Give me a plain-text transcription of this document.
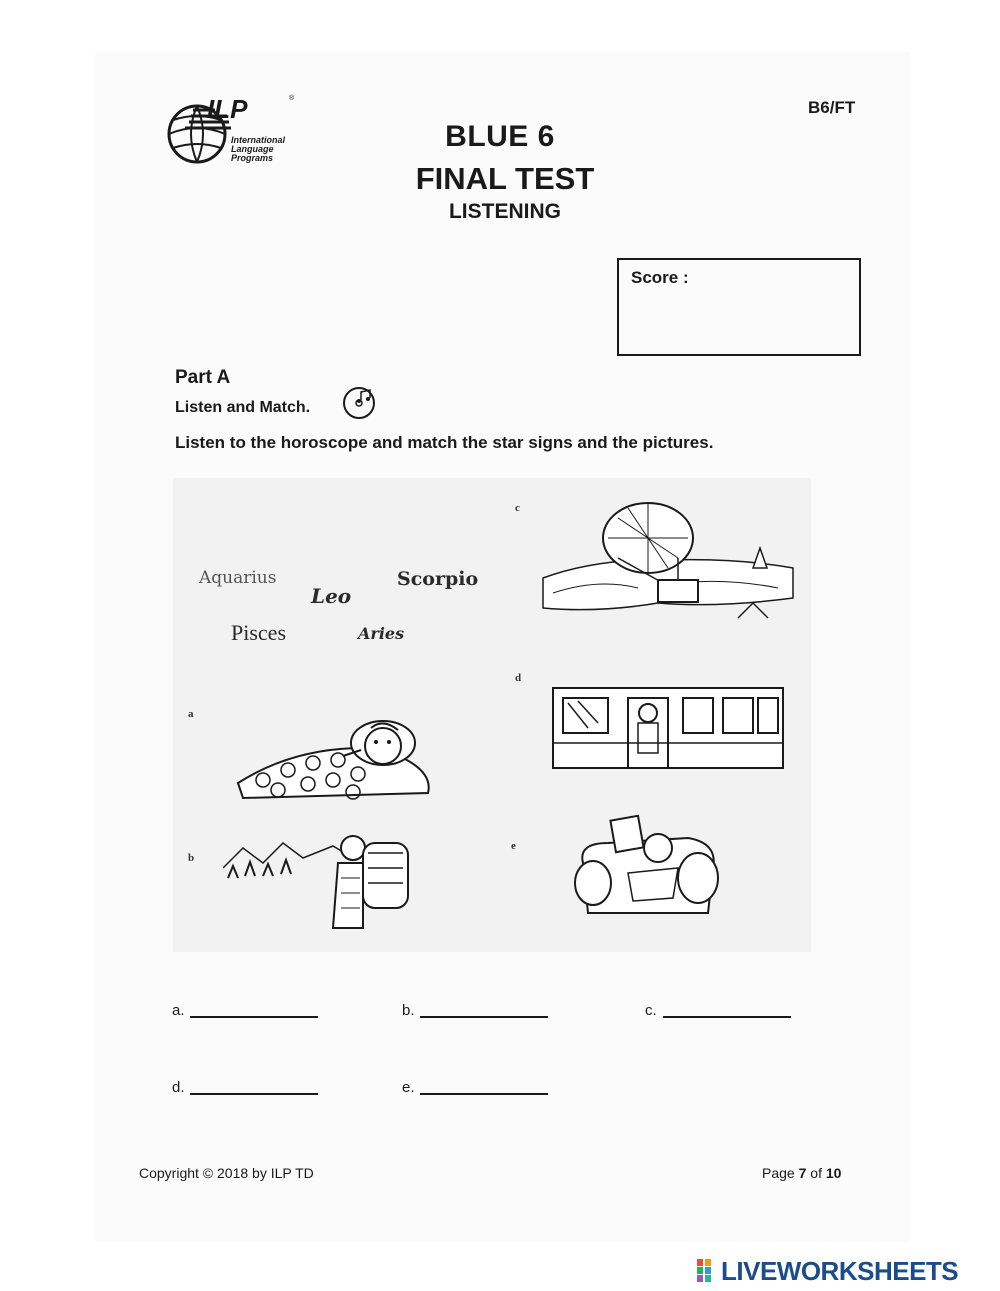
ILP	®
International
Language
Programs
B6/FT
BLUE 6
FINAL TEST
LISTENING
Score :
Part A
Listen and Match.
Listen to the horoscope and match the star signs and the pictures.
Aquarius
Leo
Scorpio
Pisces	Aries
a
b
c
d
e
a.	b.	c.
d.	e.
Copyright © 2018 by ILP TD	Page 7 of 10
LIVEWORKSHEETS
